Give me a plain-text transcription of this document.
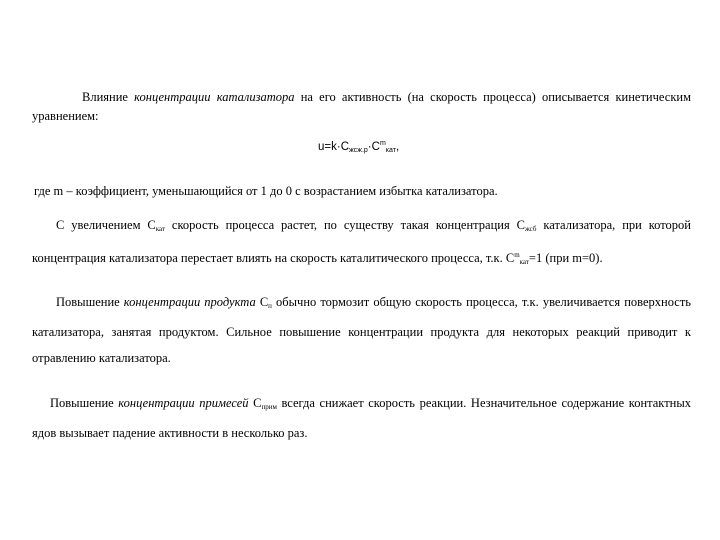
Влияние концентрации катализатора на его активность (на скорость процесса) описывается кинетическим уравнением:

$u=k\cdot C_{жсж.р}\cdot C^m_{кат}$,

где m – коэффициент, уменьшающийся от 1 до 0 с возрастанием избытка катализатора.

С увеличением $С_{кат}$ скорость процесса растет, по существу такая концентрация $С_{жсб}$ катализатора, при которой концентрация катализатора перестает влиять на скорость каталитического процесса, т.к. $С^m_{кат}=1$ (при m=0).

Повышение концентрации продукта $С_п$ обычно тормозит общую скорость процесса, т.к. увеличивается поверхность катализатора, занятая продуктом. Сильное повышение концентрации продукта для некоторых реакций приводит к отравлению катализатора.

Повышение концентрации примесей $С_{прим}$ всегда снижает скорость реакции. Незначительное содержание контактных ядов вызывает падение активности в несколько раз.
